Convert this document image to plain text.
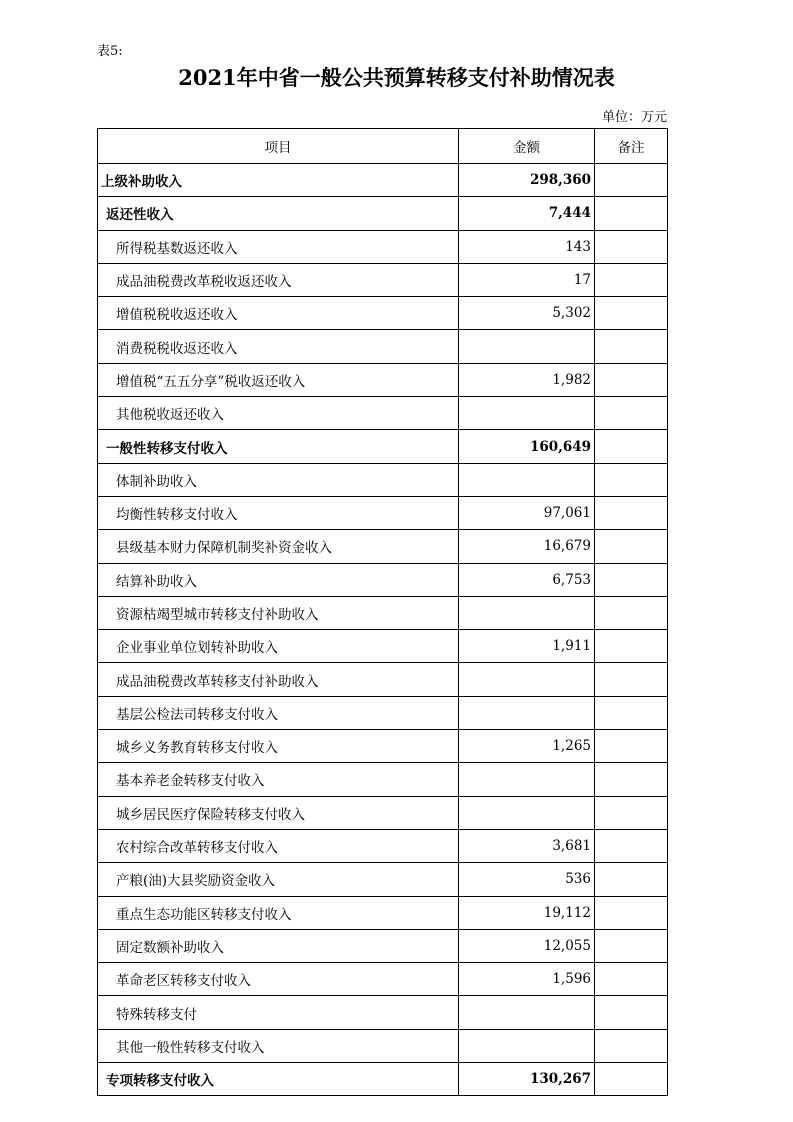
表5:
2021年中省一般公共预算转移支付补助情况表
单位：万元
项目	金额	备注
上级补助收入	298,360	
返还性收入	7,444	
所得税基数返还收入	143	
成品油税费改革税收返还收入	17	
增值税税收返还收入	5,302	
消费税税收返还收入		
增值税“五五分享”税收返还收入	1,982	
其他税收返还收入		
一般性转移支付收入	160,649	
体制补助收入		
均衡性转移支付收入	97,061	
县级基本财力保障机制奖补资金收入	16,679	
结算补助收入	6,753	
资源枯竭型城市转移支付补助收入		
企业事业单位划转补助收入	1,911	
成品油税费改革转移支付补助收入		
基层公检法司转移支付收入		
城乡义务教育转移支付收入	1,265	
基本养老金转移支付收入		
城乡居民医疗保险转移支付收入		
农村综合改革转移支付收入	3,681	
产粮(油)大县奖励资金收入	536	
重点生态功能区转移支付收入	19,112	
固定数额补助收入	12,055	
革命老区转移支付收入	1,596	
特殊转移支付		
其他一般性转移支付收入		
专项转移支付收入	130,267	
